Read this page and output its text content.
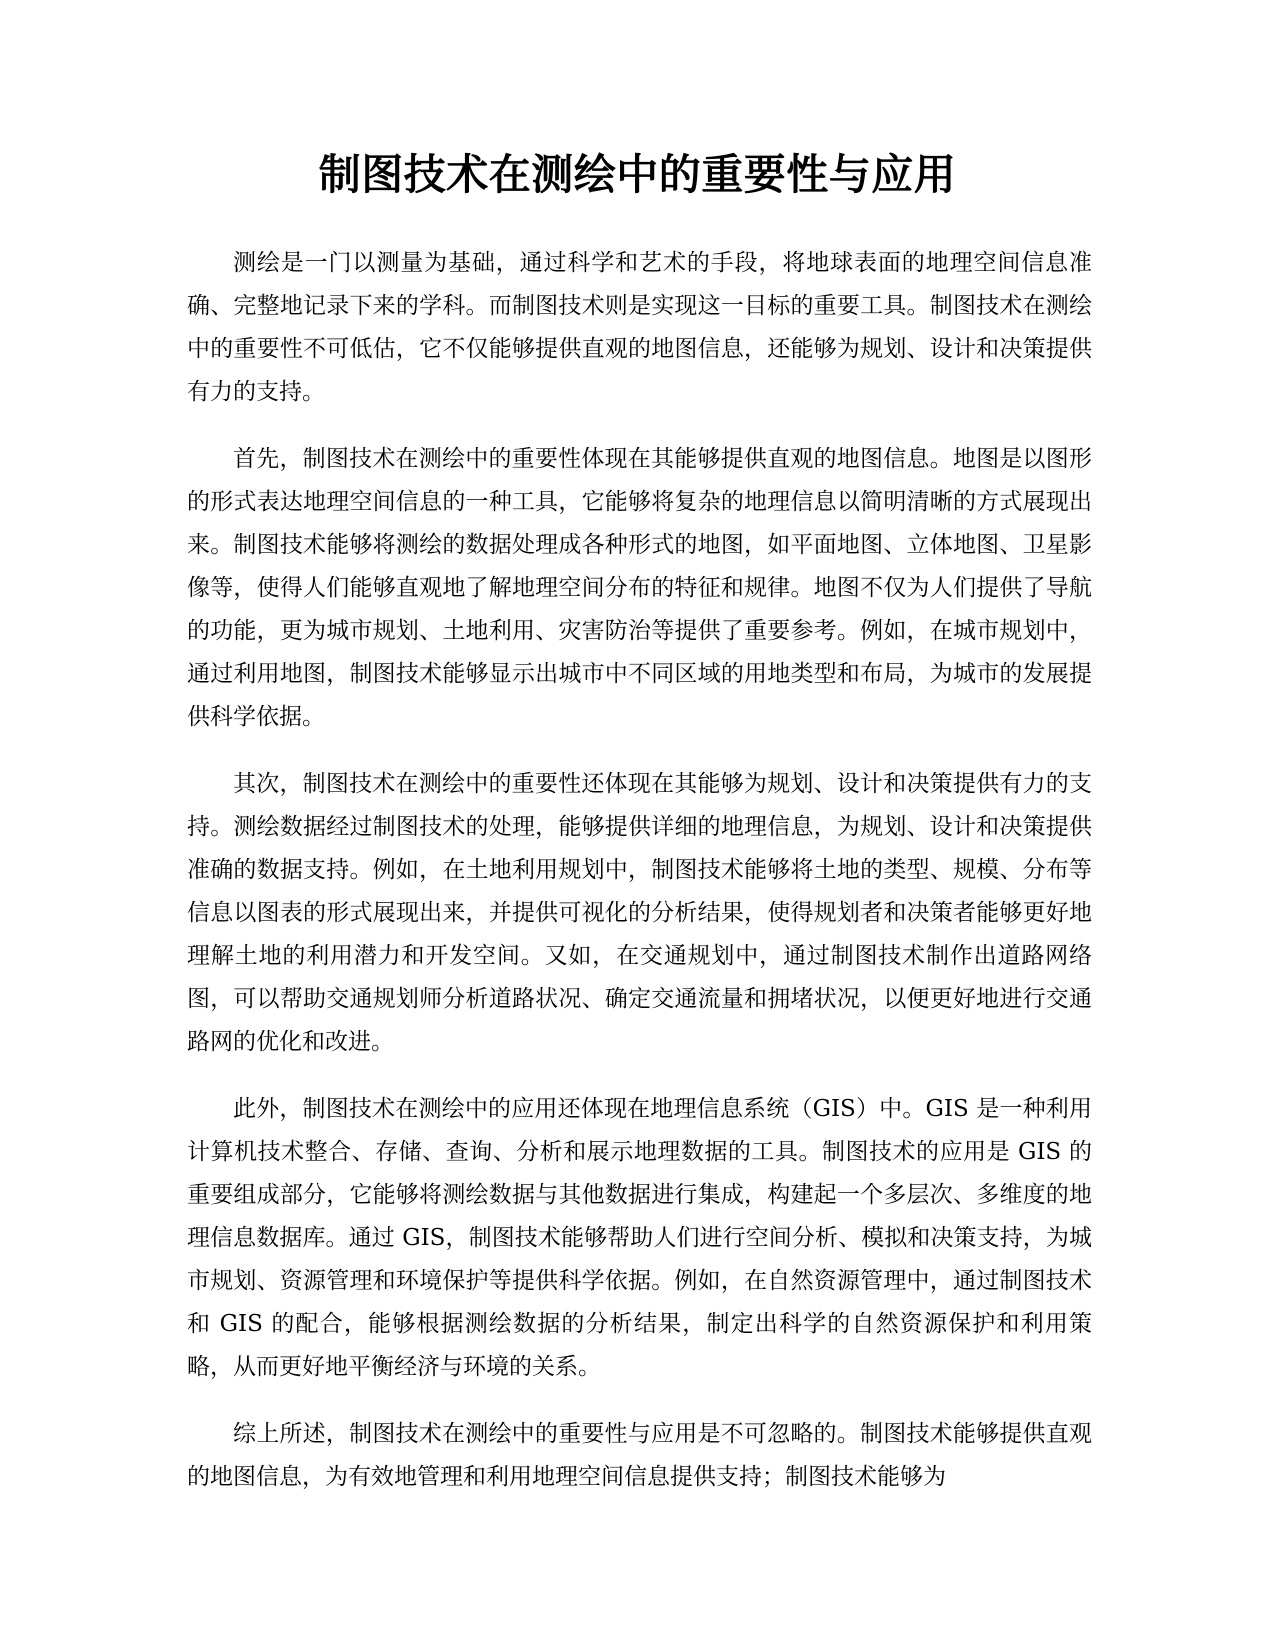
制图技术在测绘中的重要性与应用

测绘是一门以测量为基础，通过科学和艺术的手段，将地球表面的地理空间信息准确、完整地记录下来的学科。而制图技术则是实现这一目标的重要工具。制图技术在测绘中的重要性不可低估，它不仅能够提供直观的地图信息，还能够为规划、设计和决策提供有力的支持。

首先，制图技术在测绘中的重要性体现在其能够提供直观的地图信息。地图是以图形的形式表达地理空间信息的一种工具，它能够将复杂的地理信息以简明清晰的方式展现出来。制图技术能够将测绘的数据处理成各种形式的地图，如平面地图、立体地图、卫星影像等，使得人们能够直观地了解地理空间分布的特征和规律。地图不仅为人们提供了导航的功能，更为城市规划、土地利用、灾害防治等提供了重要参考。例如，在城市规划中，通过利用地图，制图技术能够显示出城市中不同区域的用地类型和布局，为城市的发展提供科学依据。

其次，制图技术在测绘中的重要性还体现在其能够为规划、设计和决策提供有力的支持。测绘数据经过制图技术的处理，能够提供详细的地理信息，为规划、设计和决策提供准确的数据支持。例如，在土地利用规划中，制图技术能够将土地的类型、规模、分布等信息以图表的形式展现出来，并提供可视化的分析结果，使得规划者和决策者能够更好地理解土地的利用潜力和开发空间。又如，在交通规划中，通过制图技术制作出道路网络图，可以帮助交通规划师分析道路状况、确定交通流量和拥堵状况，以便更好地进行交通路网的优化和改进。

此外，制图技术在测绘中的应用还体现在地理信息系统（GIS）中。GIS 是一种利用计算机技术整合、存储、查询、分析和展示地理数据的工具。制图技术的应用是 GIS 的重要组成部分，它能够将测绘数据与其他数据进行集成，构建起一个多层次、多维度的地理信息数据库。通过 GIS，制图技术能够帮助人们进行空间分析、模拟和决策支持，为城市规划、资源管理和环境保护等提供科学依据。例如，在自然资源管理中，通过制图技术和 GIS 的配合，能够根据测绘数据的分析结果，制定出科学的自然资源保护和利用策略，从而更好地平衡经济与环境的关系。

综上所述，制图技术在测绘中的重要性与应用是不可忽略的。制图技术能够提供直观的地图信息，为有效地管理和利用地理空间信息提供支持；制图技术能够为
